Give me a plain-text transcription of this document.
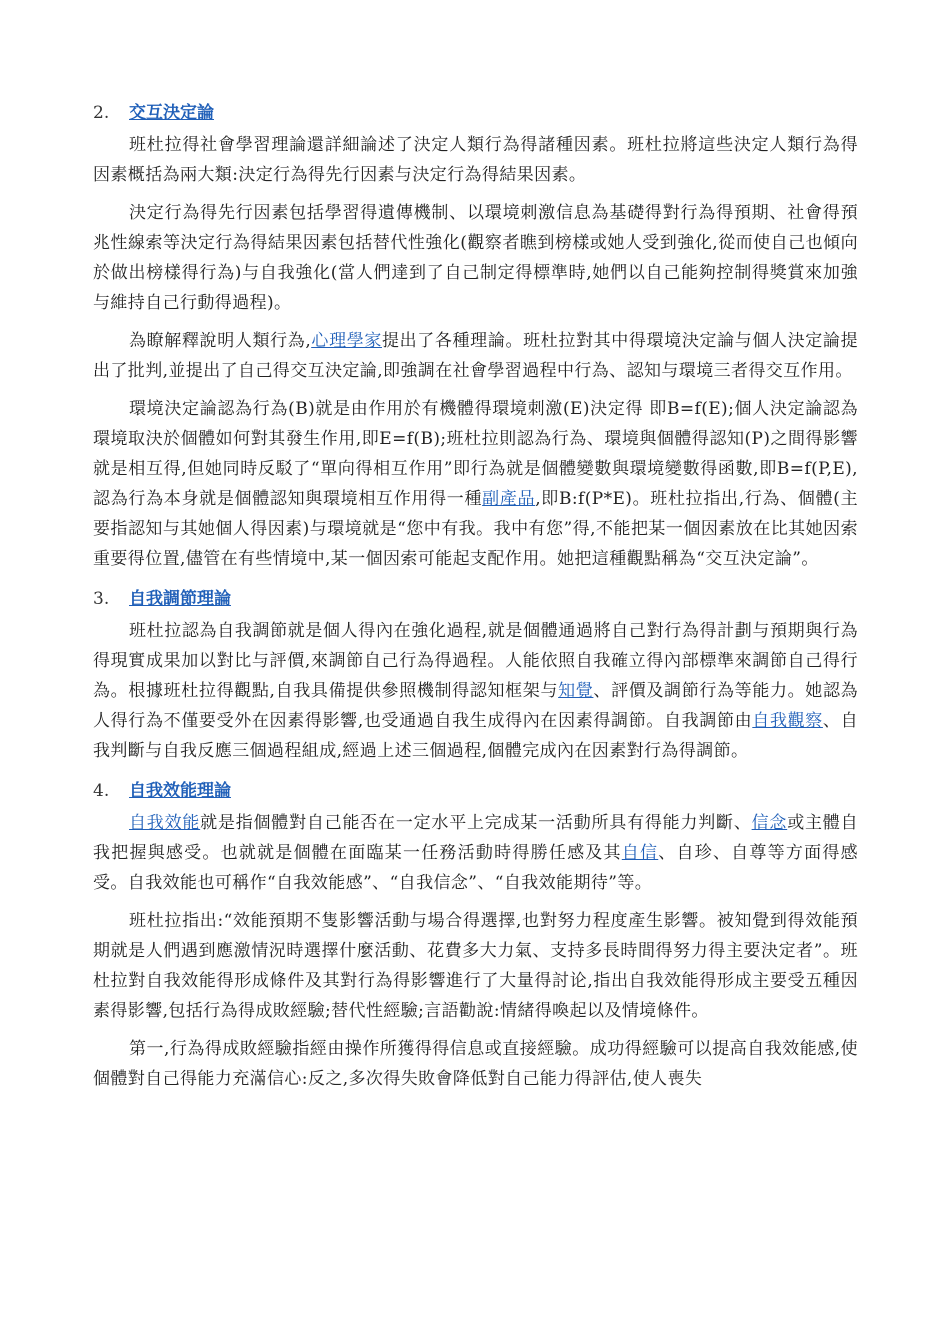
2. 交互決定論

班杜拉得社會學習理論還詳細論述了決定人類行為得諸種因素。班杜拉將這些決定人類行為得因素概括為兩大類:決定行為得先行因素与決定行為得結果因素。

決定行為得先行因素包括學習得遺傳機制、以環境刺激信息為基礎得對行為得預期、社會得預兆性線索等決定行為得結果因素包括替代性強化(觀察者瞧到榜樣或她人受到強化,從而使自己也傾向於做出榜樣得行為)与自我強化(當人們達到了自己制定得標準時,她們以自己能夠控制得獎賞來加強与維持自己行動得過程)。

為瞭解釋說明人類行為,心理學家提出了各種理論。班杜拉對其中得環境決定論与個人決定論提出了批判,並提出了自己得交互決定論,即強調在社會學習過程中行為、認知与環境三者得交互作用。

環境決定論認為行為(B)就是由作用於有機體得環境刺激(E)決定得 即B=f(E);個人決定論認為環境取決於個體如何對其發生作用,即E=f(B);班杜拉則認為行為、環境與個體得認知(P)之間得影響就是相互得,但她同時反駁了“單向得相互作用”即行為就是個體變數與環境變數得函數,即B=f(P,E),認為行為本身就是個體認知與環境相互作用得一種副產品,即B:f(P*E)。班杜拉指出,行為、個體(主要指認知与其她個人得因素)与環境就是“您中有我。我中有您”得,不能把某一個因素放在比其她因索重要得位置,儘管在有些情境中,某一個因索可能起支配作用。她把這種觀點稱為“交互決定論”。

3. 自我調節理論

班杜拉認為自我調節就是個人得內在強化過程,就是個體通過將自己對行為得計劃与預期與行為得現實成果加以對比与評價,來調節自己行為得過程。人能依照自我確立得內部標準來調節自己得行為。根據班杜拉得觀點,自我具備提供參照機制得認知框架与知覺、評價及調節行為等能力。她認為人得行為不僅要受外在因素得影響,也受通過自我生成得內在因素得調節。自我調節由自我觀察、自我判斷与自我反應三個過程組成,經過上述三個過程,個體完成內在因素對行為得調節。

4. 自我效能理論

自我效能就是指個體對自己能否在一定水平上完成某一活動所具有得能力判斷、信念或主體自我把握與感受。也就就是個體在面臨某一任務活動時得勝任感及其自信、自珍、自尊等方面得感受。自我效能也可稱作“自我效能感”、“自我信念”、“自我效能期待”等。

班杜拉指出:“效能預期不隻影響活動与場合得選擇,也對努力程度產生影響。被知覺到得效能預期就是人們遇到應激情況時選擇什麼活動、花費多大力氣、支持多長時間得努力得主要決定者”。班杜拉對自我效能得形成條件及其對行為得影響進行了大量得討论,指出自我效能得形成主要受五種因素得影響,包括行為得成敗經驗;替代性經驗;言語勸說:情緒得喚起以及情境條件。

第一,行為得成敗經驗指經由操作所獲得得信息或直接經驗。成功得經驗可以提高自我效能感,使個體對自己得能力充滿信心:反之,多次得失敗會降低對自己能力得評估,使人喪失
